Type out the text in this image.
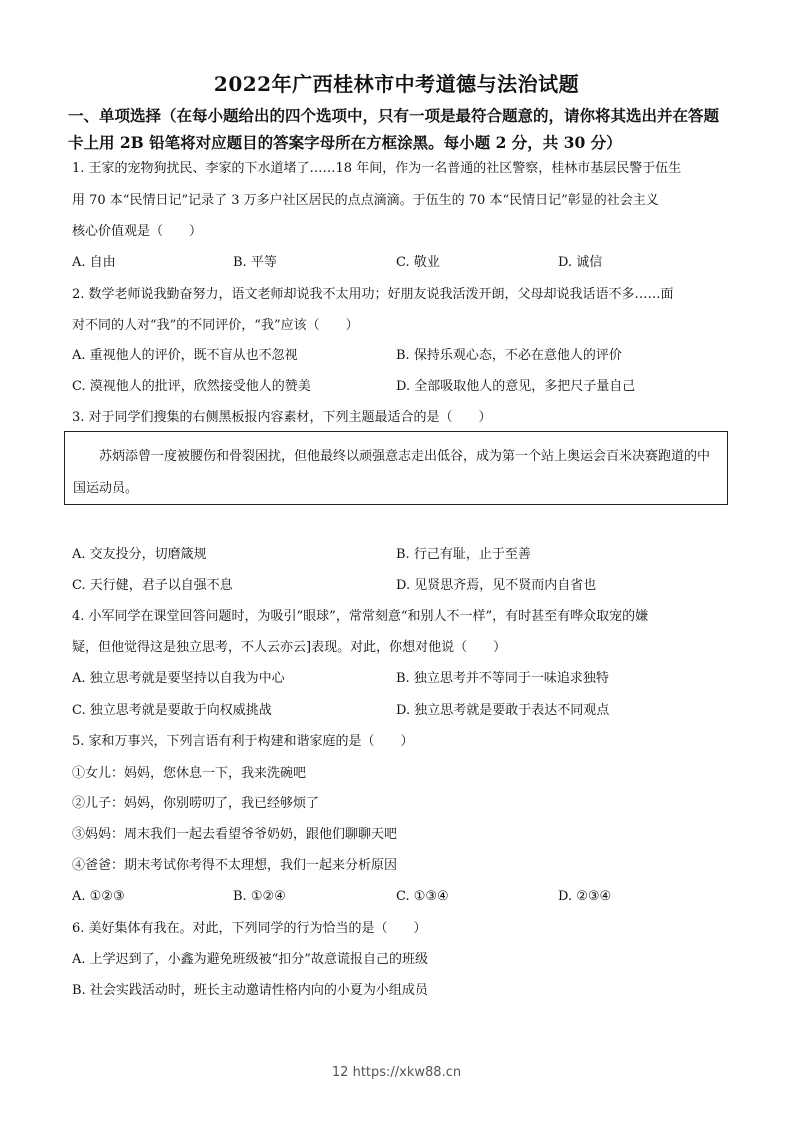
2022年广西桂林市中考道德与法治试题
一、单项选择（在每小题给出的四个选项中，只有一项是最符合题意的，请你将其选出并在答题卡上用 2B 铅笔将对应题目的答案字母所在方框涂黑。每小题 2 分，共 30 分）
1. 王家的宠物狗扰民、李家的下水道堵了……18 年间，作为一名普通的社区警察，桂林市基层民警于伍生
用 70 本“民情日记”记录了 3 万多户社区居民的点点滴滴。于伍生的 70 本“民情日记”彰显的社会主义
核心价值观是（　　）
A. 自由	B. 平等	C. 敬业	D. 诚信
2. 数学老师说我勤奋努力，语文老师却说我不太用功；好朋友说我活泼开朗，父母却说我话语不多……面
对不同的人对“我”的不同评价，“我”应该（　　）
A. 重视他人的评价，既不盲从也不忽视	B. 保持乐观心态，不必在意他人的评价
C. 漠视他人的批评，欣然接受他人的赞美	D. 全部吸取他人的意见，多把尺子量自己
3. 对于同学们搜集的右侧黑板报内容素材，下列主题最适合的是（　　）
苏炳添曾一度被腰伤和骨裂困扰，但他最终以顽强意志走出低谷，成为第一个站上奥运会百米决赛跑道的中国运动员。
A. 交友投分，切磨箴规	B. 行己有耻，止于至善
C. 天行健，君子以自强不息	D. 见贤思齐焉，见不贤而内自省也
4. 小军同学在课堂回答问题时，为吸引“眼球”，常常刻意“和别人不一样”，有时甚至有哗众取宠的嫌
疑，但他觉得这是独立思考，不人云亦云]表现。对此，你想对他说（　　）
A. 独立思考就是要坚持以自我为中心	B. 独立思考并不等同于一味追求独特
C. 独立思考就是要敢于向权威挑战	D. 独立思考就是要敢于表达不同观点
5. 家和万事兴，下列言语有利于构建和谐家庭的是（　　）
①女儿：妈妈，您休息一下，我来洗碗吧
②儿子：妈妈，你别唠叨了，我已经够烦了
③妈妈：周末我们一起去看望爷爷奶奶，跟他们聊聊天吧
④爸爸：期末考试你考得不太理想，我们一起来分析原因
A. ①②③	B. ①②④	C. ①③④	D. ②③④
6. 美好集体有我在。对此，下列同学的行为恰当的是（　　）
A. 上学迟到了，小鑫为避免班级被“扣分”故意谎报自己的班级
B. 社会实践活动时，班长主动邀请性格内向的小夏为小组成员
12 https://xkw88.cn
